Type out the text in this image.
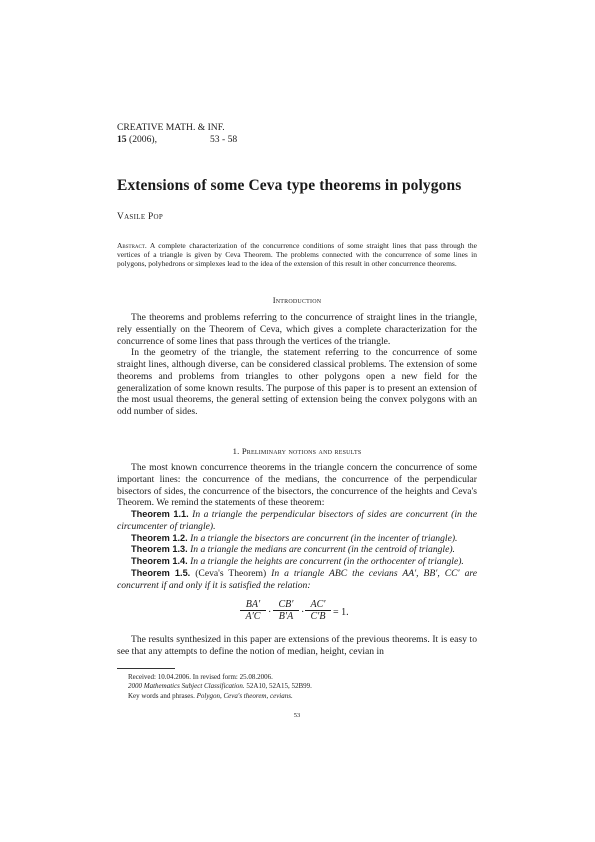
CREATIVE MATH. & INF.
15 (2006),	53 - 58
Extensions of some Ceva type theorems in polygons
Vasile Pop
Abstract. A complete characterization of the concurrence conditions of some straight lines that pass through the vertices of a triangle is given by Ceva Theorem. The problems connected with the concurrence of some lines in polygons, polyhedrons or simplexes lead to the idea of the extension of this result in other concurrence theorems.
Introduction

The theorems and problems referring to the concurrence of straight lines in the triangle, rely essentially on the Theorem of Ceva, which gives a complete characterization for the concurrence of some lines that pass through the vertices of the triangle.

In the geometry of the triangle, the statement referring to the concurrence of some straight lines, although diverse, can be considered classical problems. The extension of some theorems and problems from triangles to other polygons open a new field for the generalization of some known results. The purpose of this paper is to present an extension of the most usual theorems, the general setting of extension being the convex polygons with an odd number of sides.

1. Preliminary notions and results

The most known concurrence theorems in the triangle concern the concurrence of some important lines: the concurrence of the medians, the concurrence of the perpendicular bisectors of sides, the concurrence of the bisectors, the concurrence of the heights and Ceva's Theorem. We remind the statements of these theorem:

Theorem 1.1. In a triangle the perpendicular bisectors of sides are concurrent (in the circumcenter of triangle).

Theorem 1.2. In a triangle the bisectors are concurrent (in the incenter of triangle).

Theorem 1.3. In a triangle the medians are concurrent (in the centroid of triangle).

Theorem 1.4. In a triangle the heights are concurrent (in the orthocenter of triangle).

Theorem 1.5. (Ceva's Theorem) In a triangle ABC the cevians AA′, BB′, CC′ are concurrent if and only if it is satisfied the relation:

$\frac{BA'}{A'C} \cdot \frac{CB'}{B'A} \cdot \frac{AC'}{C'B} = 1$.

The results synthesized in this paper are extensions of the previous theorems. It is easy to see that any attempts to define the notion of median, height, cevian in

Received: 10.04.2006. In revised form: 25.08.2006.
2000 Mathematics Subject Classification. 52A10, 52A15, 52B99.
Key words and phrases. Polygon, Ceva's theorem, cevians.
53
